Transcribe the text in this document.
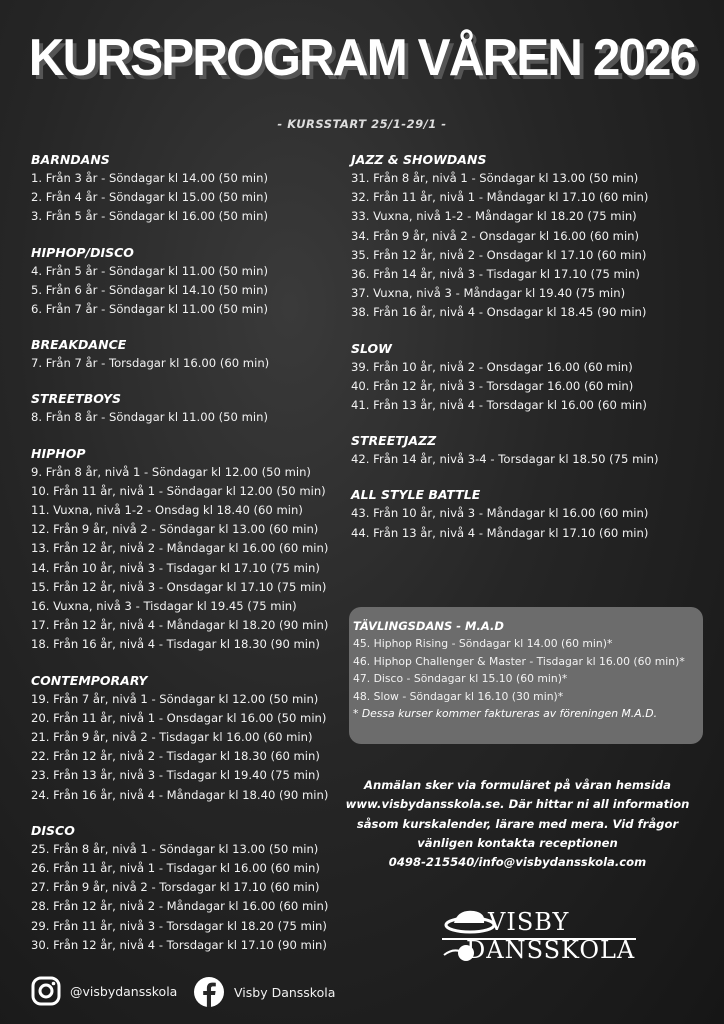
KURSPROGRAM VÅREN 2026
- KURSSTART 25/1-29/1 -
BARNDANS
1. Från 3 år - Söndagar kl 14.00 (50 min)
2. Från 4 år - Söndagar kl 15.00 (50 min)
3. Från 5 år - Söndagar kl 16.00 (50 min)
HIPHOP/DISCO
4. Från 5 år - Söndagar kl 11.00 (50 min)
5. Från 6 år - Söndagar kl 14.10 (50 min)
6. Från 7 år - Söndagar kl 11.00 (50 min)
BREAKDANCE
7. Från 7 år - Torsdagar kl 16.00 (60 min)
STREETBOYS
8. Från 8 år - Söndagar kl 11.00 (50 min)
HIPHOP
9. Från 8 år, nivå 1 - Söndagar kl 12.00 (50 min)
10. Från 11 år, nivå 1 - Söndagar kl 12.00 (50 min)
11. Vuxna, nivå 1-2 - Onsdag kl 18.40 (60 min)
12. Från 9 år, nivå 2 - Söndagar kl 13.00 (60 min)
13. Från 12 år, nivå 2 - Måndagar kl 16.00 (60 min)
14. Från 10 år, nivå 3 - Tisdagar kl 17.10 (75 min)
15. Från 12 år, nivå 3 - Onsdagar kl 17.10 (75 min)
16. Vuxna, nivå 3 - Tisdagar kl 19.45 (75 min)
17. Från 12 år, nivå 4 - Måndagar kl 18.20 (90 min)
18. Från 16 år, nivå 4 - Tisdagar kl 18.30 (90 min)
CONTEMPORARY
19. Från 7 år, nivå 1 - Söndagar kl 12.00 (50 min)
20. Från 11 år, nivå 1 - Onsdagar kl 16.00 (50 min)
21. Från 9 år, nivå 2 - Tisdagar kl 16.00 (60 min)
22. Från 12 år, nivå 2 - Tisdagar kl 18.30 (60 min)
23. Från 13 år, nivå 3 - Tisdagar kl 19.40 (75 min)
24. Från 16 år, nivå 4 - Måndagar kl 18.40 (90 min)
DISCO
25. Från 8 år, nivå 1 - Söndagar kl 13.00 (50 min)
26. Från 11 år, nivå 1 - Tisdagar kl 16.00 (60 min)
27. Från 9 år, nivå 2 - Torsdagar kl 17.10 (60 min)
28. Från 12 år, nivå 2 - Måndagar kl 16.00 (60 min)
29. Från 11 år, nivå 3 - Torsdagar kl 18.20 (75 min)
30. Från 12 år, nivå 4 - Torsdagar kl 17.10 (90 min)
JAZZ & SHOWDANS
31. Från 8 år, nivå 1 - Söndagar kl 13.00 (50 min)
32. Från 11 år, nivå 1 - Måndagar kl 17.10 (60 min)
33. Vuxna, nivå 1-2 - Måndagar kl 18.20 (75 min)
34. Från 9 år, nivå 2 - Onsdagar kl 16.00 (60 min)
35. Från 12 år, nivå 2 - Onsdagar kl 17.10 (60 min)
36. Från 14 år, nivå 3 - Tisdagar kl 17.10 (75 min)
37. Vuxna, nivå 3 - Måndagar kl 19.40 (75 min)
38. Från 16 år, nivå 4 - Onsdagar kl 18.45 (90 min)
SLOW
39. Från 10 år, nivå 2 - Onsdagar 16.00 (60 min)
40. Från 12 år, nivå 3 - Torsdagar 16.00 (60 min)
41. Från 13 år, nivå 4 - Torsdagar kl 16.00 (60 min)
STREETJAZZ
42. Från 14 år, nivå 3-4 - Torsdagar kl 18.50 (75 min)
ALL STYLE BATTLE
43. Från 10 år, nivå 3 - Måndagar kl 16.00 (60 min)
44. Från 13 år, nivå 4 - Måndagar kl 17.10 (60 min)
TÄVLINGSDANS - M.A.D
45. Hiphop Rising - Söndagar kl 14.00 (60 min)*
46. Hiphop Challenger & Master - Tisdagar kl 16.00 (60 min)*
47. Disco - Söndagar kl 15.10 (60 min)*
48. Slow - Söndagar kl 16.10 (30 min)*
* Dessa kurser kommer faktureras av föreningen M.A.D.
Anmälan sker via formuläret på våran hemsida
www.visbydansskola.se. Där hittar ni all information
såsom kurskalender, lärare med mera. Vid frågor
vänligen kontakta receptionen
0498-215540/info@visbydansskola.com
VISBY
DANSSKOLA
@visbydansskola	Visby Dansskola
